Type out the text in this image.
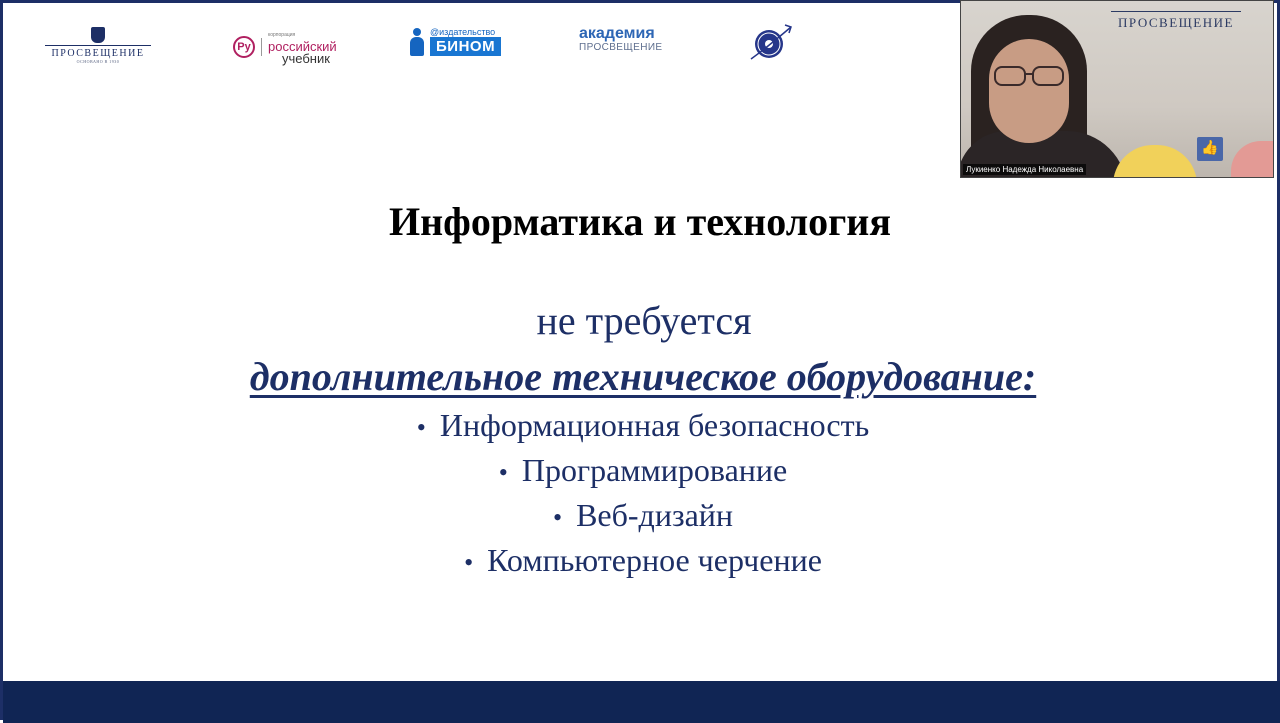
ПРОСВЕЩЕНИЕ
ОСНОВАНО В 1930
Ру
корпорация
российский
учебник
@издательство
БИНОМ
академия
ПРОСВЕЩЕНИЕ
Информатика и технология
не требуется
дополнительное техническое оборудование:
• Информационная безопасность
• Программирование
• Веб-дизайн
• Компьютерное черчение
ПРОСВЕЩЕНИЕ
👍
Лукиенко Надежда Николаевна
